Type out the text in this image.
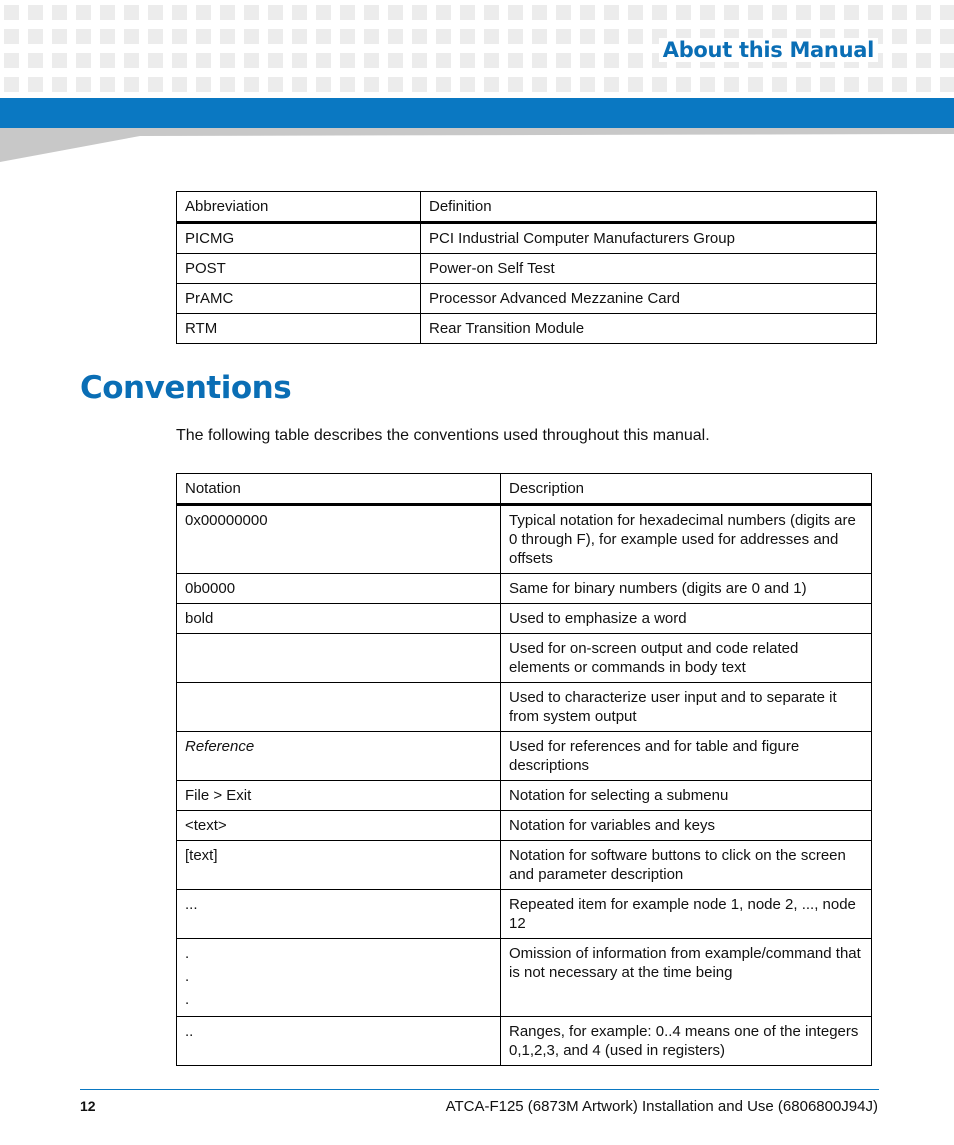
About this Manual
Abbreviation	Definition
PICMG	PCI Industrial Computer Manufacturers Group
POST	Power-on Self Test
PrAMC	Processor Advanced Mezzanine Card
RTM	Rear Transition Module
Conventions
The following table describes the conventions used throughout this manual.
Notation	Description
0x00000000	Typical notation for hexadecimal numbers (digits are 0 through F), for example used for addresses and offsets
0b0000	Same for binary numbers (digits are 0 and 1)
bold	Used to emphasize a word
	Used for on-screen output and code related elements or commands in body text
	Used to characterize user input and to separate it from system output
Reference	Used for references and for table and figure descriptions
File > Exit	Notation for selecting a submenu
<text>	Notation for variables and keys
[text]	Notation for software buttons to click on the screen and parameter description
...	Repeated item for example node 1, node 2, ..., node 12

.
.
.	Omission of information from example/command that is not necessary at the time being
..	Ranges, for example: 0..4 means one of the integers 0,1,2,3, and 4 (used in registers)
12	ATCA-F125 (6873M Artwork) Installation and Use (6806800J94J)
